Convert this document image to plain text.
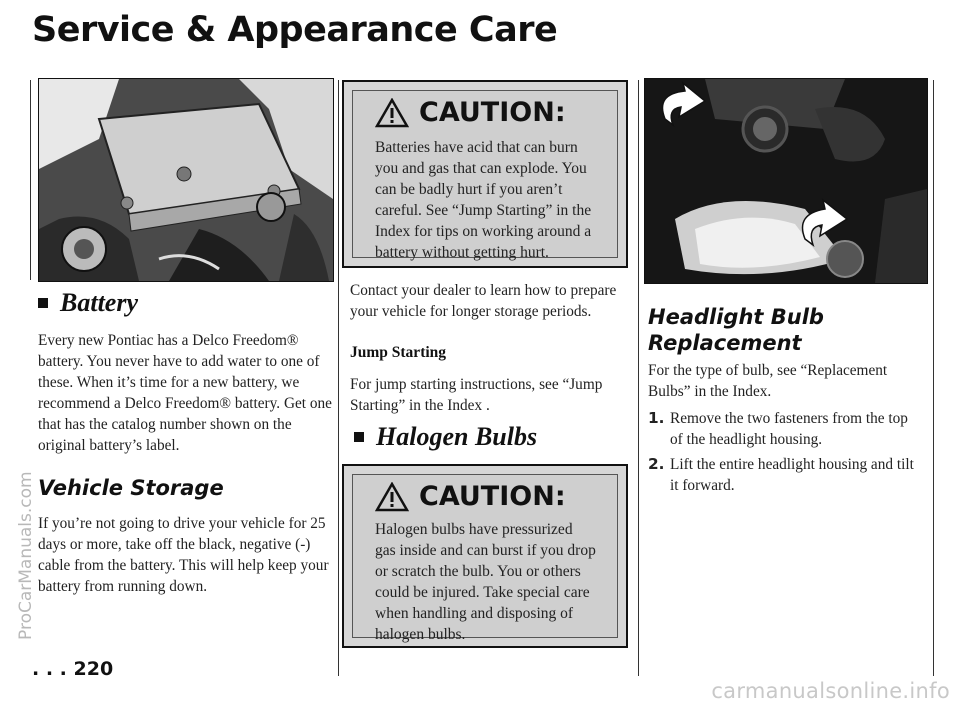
Service & Appearance Care
Battery

Every new Pontiac has a Delco Freedom® battery. You never have to add water to one of these. When it’s time for a new battery, we recommend a Delco Freedom® battery. Get one that has the catalog number shown on the original battery’s label.

Vehicle Storage

If you’re not going to drive your vehicle for 25 days or more, take off the black, negative (-) cable from the battery. This will help keep your battery from running down.

CAUTION:

Batteries have acid that can burn you and gas that can explode. You can be badly hurt if you aren’t careful. See “Jump Starting” in the Index for tips on working around a battery without getting hurt.

Contact your dealer to learn how to prepare your vehicle for longer storage periods.

Jump Starting

For jump starting instructions, see “Jump Starting” in the Index .

Halogen Bulbs
CAUTION:

Halogen bulbs have pressurized gas inside and can burst if you drop or scratch the bulb. You or others could be injured. Take special care when handling and disposing of halogen bulbs.

Headlight Bulb Replacement

For the type of bulb, see “Replacement Bulbs” in the Index.

1. Remove the two fasteners from the top of the headlight housing.
2. Lift the entire headlight housing and tilt it forward.
. . . 220
ProCarManuals.com
carmanualsonline.info
